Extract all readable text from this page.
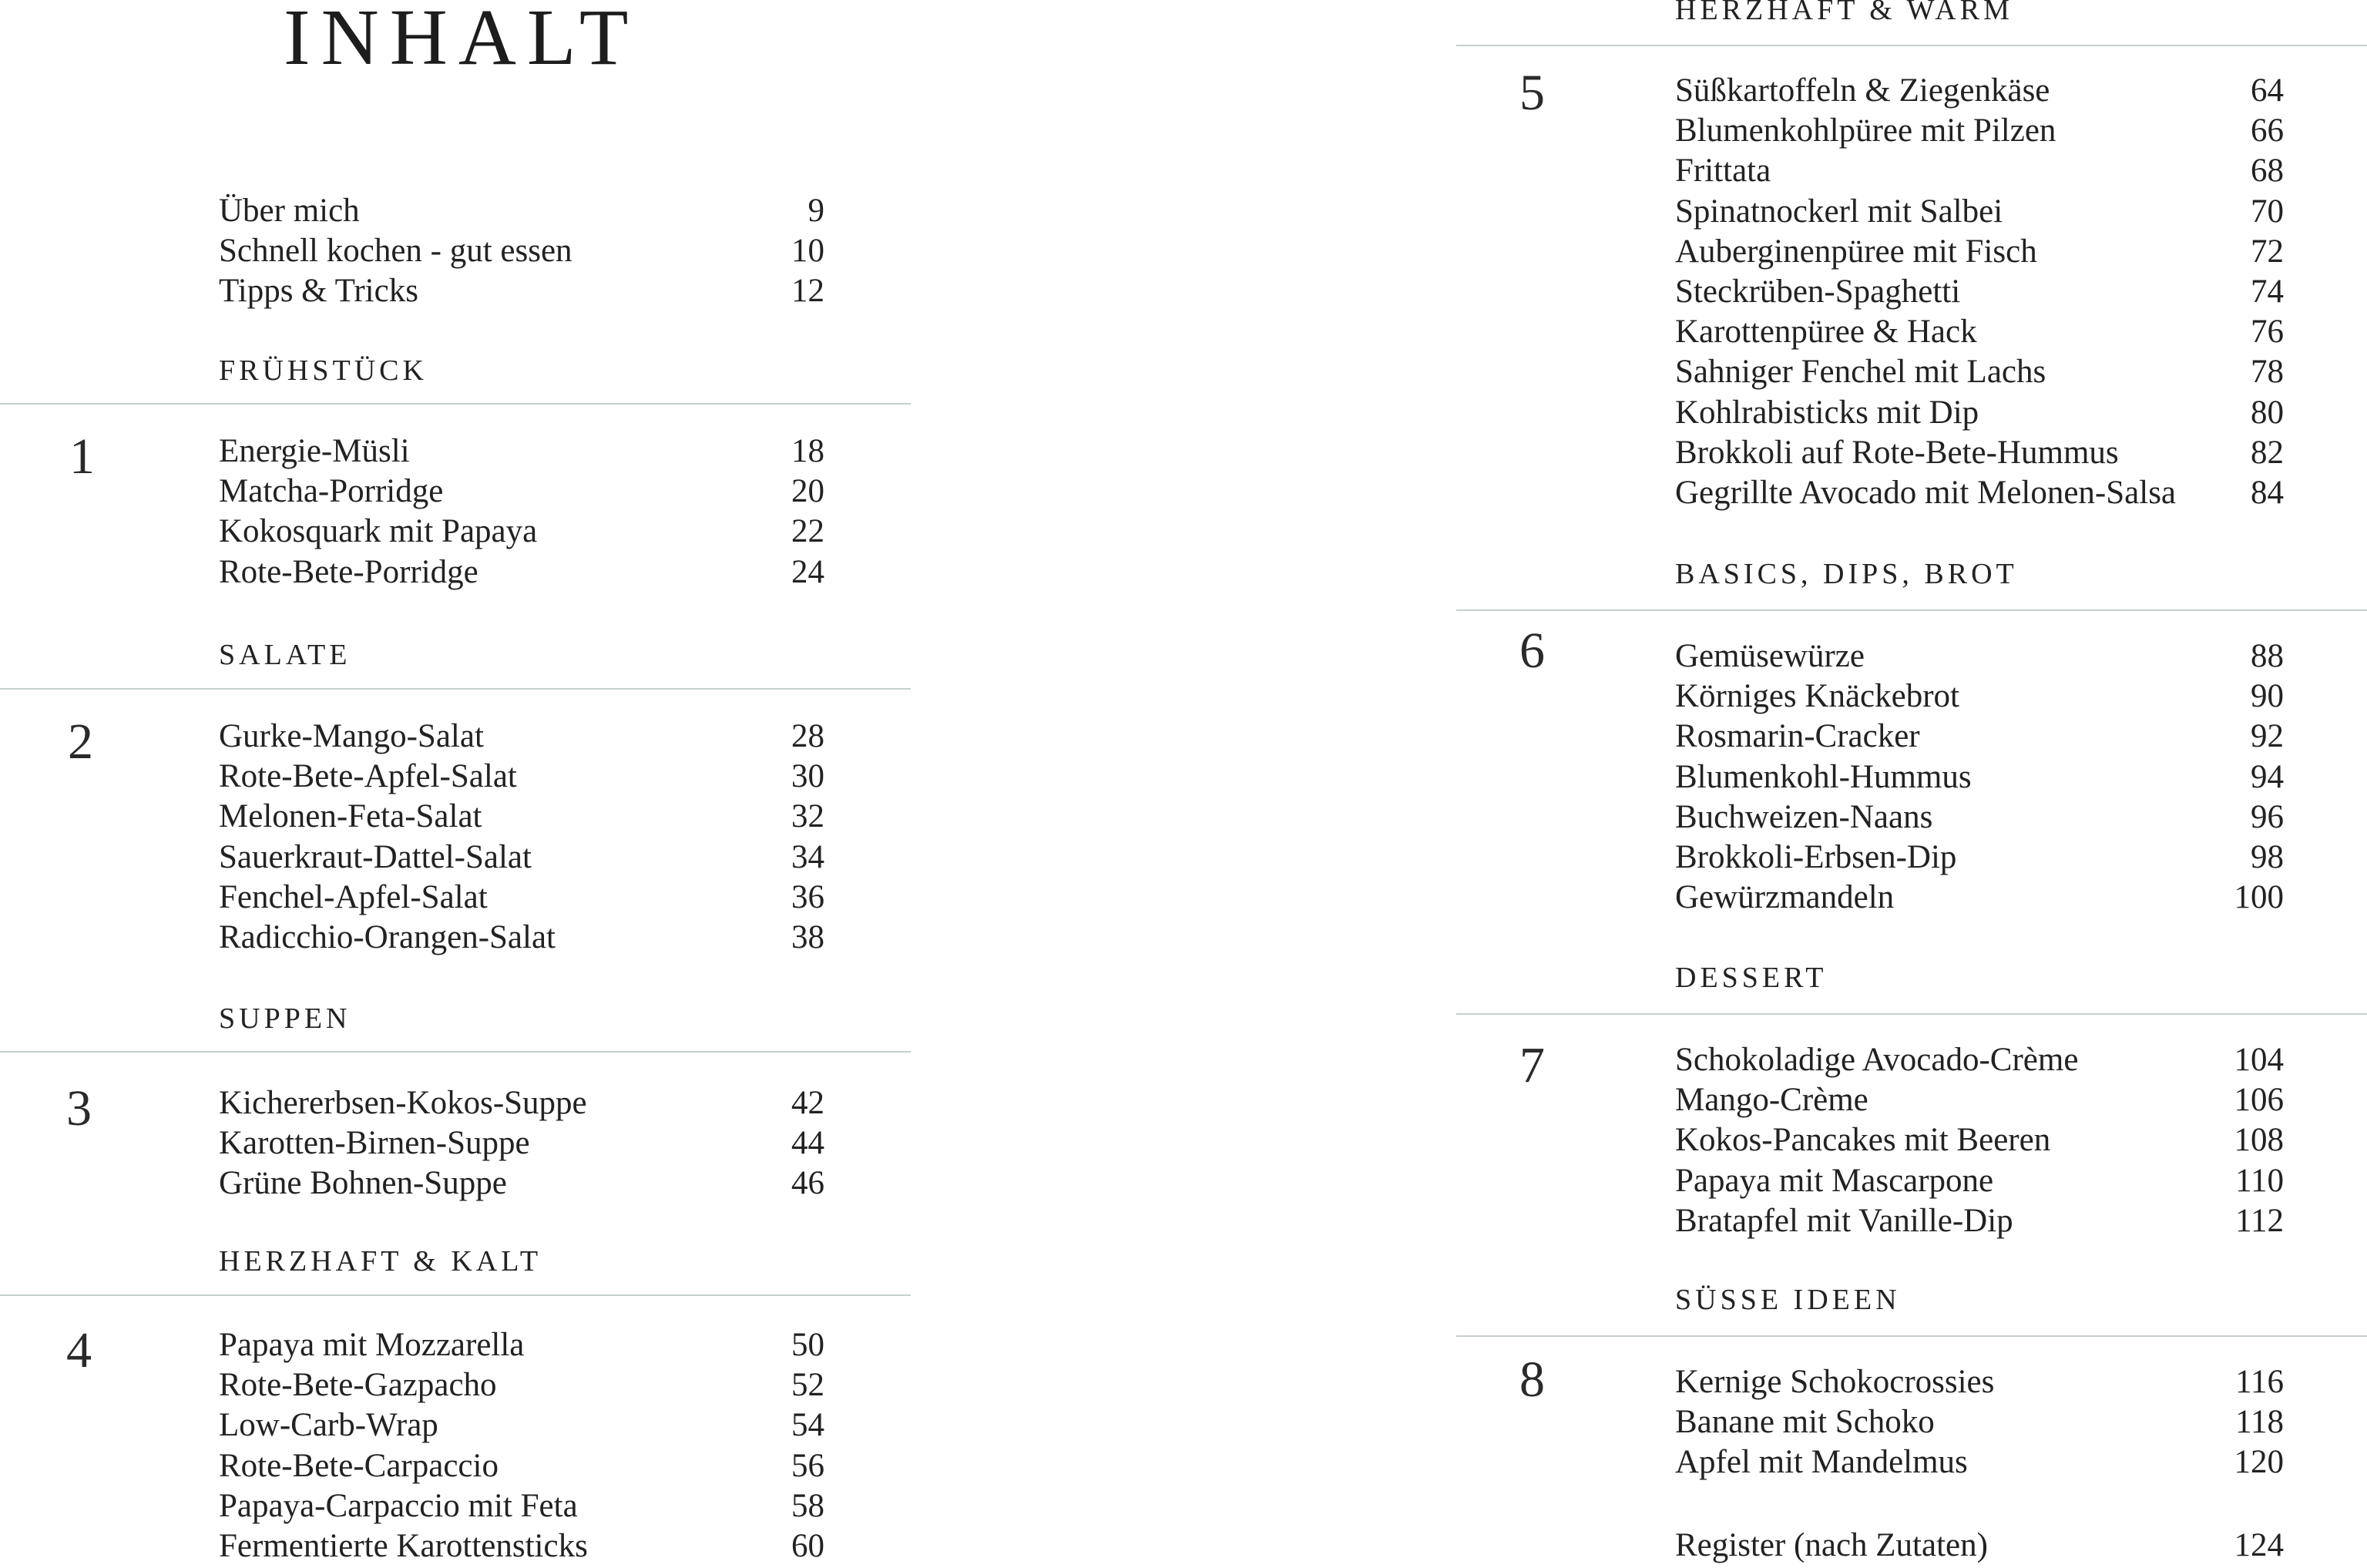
INHALT
Über mich	9
Schnell kochen - gut essen	10
Tipps & Tricks	12
FRÜHSTÜCK
1	Energie-Müsli	18
Matcha-Porridge	20
Kokosquark mit Papaya	22
Rote-Bete-Porridge	24
SALATE
2	Gurke-Mango-Salat	28
Rote-Bete-Apfel-Salat	30
Melonen-Feta-Salat	32
Sauerkraut-Dattel-Salat	34
Fenchel-Apfel-Salat	36
Radicchio-Orangen-Salat	38
SUPPEN
3	Kichererbsen-Kokos-Suppe	42
Karotten-Birnen-Suppe	44
Grüne Bohnen-Suppe	46
HERZHAFT & KALT
4	Papaya mit Mozzarella	50
Rote-Bete-Gazpacho	52
Low-Carb-Wrap	54
Rote-Bete-Carpaccio	56
Papaya-Carpaccio mit Feta	58
Fermentierte Karottensticks	60
HERZHAFT & WARM
5	Süßkartoffeln & Ziegenkäse	64
Blumenkohlpüree mit Pilzen	66
Frittata	68
Spinatnockerl mit Salbei	70
Auberginenpüree mit Fisch	72
Steckrüben-Spaghetti	74
Karottenpüree & Hack	76
Sahniger Fenchel mit Lachs	78
Kohlrabisticks mit Dip	80
Brokkoli auf Rote-Bete-Hummus	82
Gegrillte Avocado mit Melonen-Salsa	84
BASICS, DIPS, BROT
6	Gemüsewürze	88
Körniges Knäckebrot	90
Rosmarin-Cracker	92
Blumenkohl-Hummus	94
Buchweizen-Naans	96
Brokkoli-Erbsen-Dip	98
Gewürzmandeln	100
DESSERT
7	Schokoladige Avocado-Crème	104
Mango-Crème	106
Kokos-Pancakes mit Beeren	108
Papaya mit Mascarpone	110
Bratapfel mit Vanille-Dip	112
SÜSSE IDEEN
8	Kernige Schokocrossies	116
Banane mit Schoko	118
Apfel mit Mandelmus	120
Register (nach Zutaten)	124
